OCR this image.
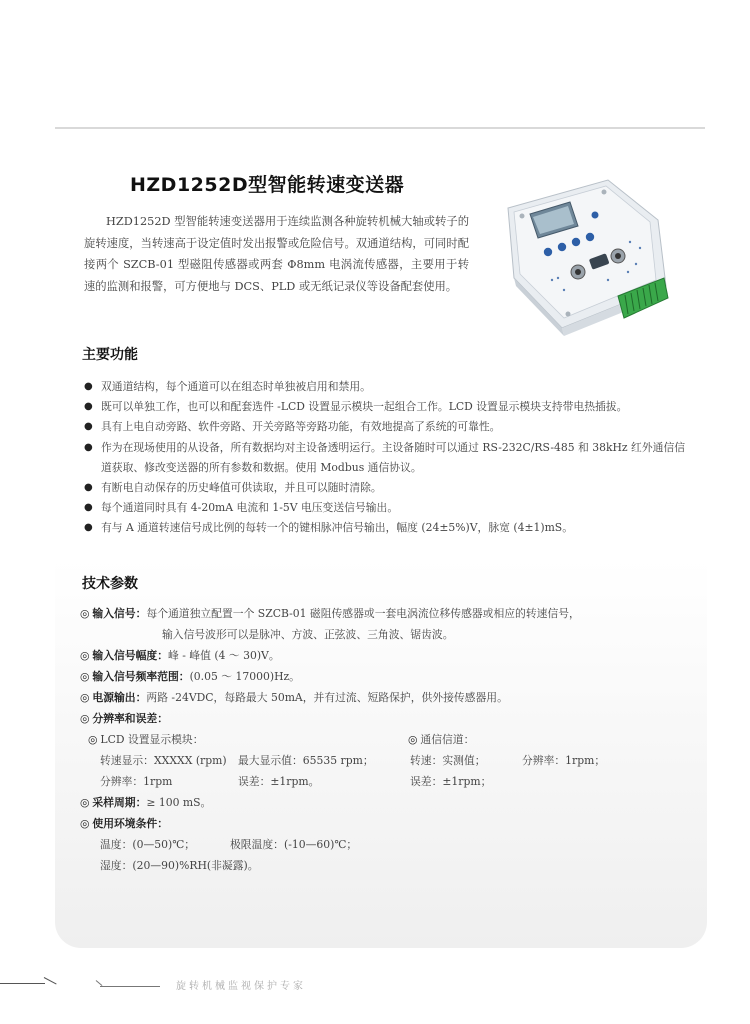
HZD1252D型智能转速变送器

HZD1252D 型智能转速变送器用于连续监测各种旋转机械大轴或转子的旋转速度，当转速高于设定值时发出报警或危险信号。双通道结构，可同时配接两个 SZCB-01 型磁阻传感器或两套 Φ8mm 电涡流传感器，主要用于转速的监测和报警，可方便地与 DCS、PLD 或无纸记录仪等设备配套使用。

主要功能
● 双通道结构，每个通道可以在组态时单独被启用和禁用。
● 既可以单独工作，也可以和配套选件 -LCD 设置显示模块一起组合工作。LCD 设置显示模块支持带电热插拔。
● 具有上电自动旁路、软件旁路、开关旁路等旁路功能，有效地提高了系统的可靠性。
● 作为在现场使用的从设备，所有数据均对主设备透明运行。主设备随时可以通过 RS-232C/RS-485 和 38kHz 红外通信信道获取、修改变送器的所有参数和数据。使用 Modbus 通信协议。
● 有断电自动保存的历史峰值可供读取，并且可以随时清除。
● 每个通道同时具有 4-20mA 电流和 1-5V 电压变送信号输出。
● 有与 A 通道转速信号成比例的每转一个的键相脉冲信号输出，幅度 (24±5%)V，脉宽 (4±1)mS。
技术参数
◎ 输入信号：每个通道独立配置一个 SZCB-01 磁阻传感器或一套电涡流位移传感器或相应的转速信号，
输入信号波形可以是脉冲、方波、正弦波、三角波、锯齿波。
◎ 输入信号幅度：峰 - 峰值 (4 ～ 30)V。
◎ 输入信号频率范围：(0.05 ～ 17000)Hz。
◎ 电源输出：两路 -24VDC，每路最大 50mA，并有过流、短路保护，供外接传感器用。
◎ 分辨率和误差：
◎ LCD 设置显示模块：	◎ 通信信道：
转速显示：XXXXX (rpm) 最大显示值：65535 rpm；	转速：实测值；	分辨率：1rpm；
分辨率：1rpm	误差：±1rpm。	误差：±1rpm；
◎ 采样周期：≥ 100 mS。
◎ 使用环境条件：
温度：(0—50)℃；	极限温度：(-10—60)℃；
湿度：(20—90)%RH(非凝露)。
旋转机械监视保护专家
